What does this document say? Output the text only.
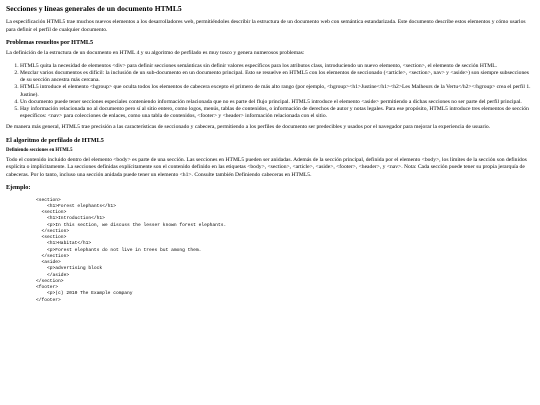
Secciones y líneas generales de un documento HTML5

La especificación HTML5 trae muchos nuevos elementos a los desarrolladores web, permitiéndoles describir la estructura de un documento web con semántica estandarizada. Este documento describe estos elementos y cómo usarlos para definir el perfil de cualquier documento.

Problemas resueltos por HTML5

La definición de la estructura de un documento en HTML 4 y su algoritmo de perfilado es muy tosco y genera numerosos problemas:

1. HTML5 quita la necesidad de elementos <div> para definir secciones semánticas sin definir valores específicos para los atributos class, introduciendo un nuevo elemento, <section>, el elemento de sección HTML.
2. Mezclar varios documentos es difícil: la inclusión de un sub-documento en un documento principal. Esto se resuelve en HTML5 con los elementos de seccionado (<article>, <section>, nav> y <aside>) son siempre subsecciones de su sección ancestra más cercana.
3. HTML5 introduce el elemento <hgroup> que oculta todos los elementos de cabecera excepto el primero de más alto rango (por ejemplo, <hgroup><h1>Justine</h1><h2>Les Malheurs de la Vertu</h2></hgroup> crea el perfil 1. Justine).
4. Un documento puede tener secciones especiales conteniendo información relacionada que no es parte del flujo principal. HTML5 introduce el elemento <aside> permitiendo a dichas secciones no ser parte del perfil principal.
5. Hay información relacionada no al documento pero sí al sitio entero, como logos, menús, tablas de contenidos, o información de derechos de autor y notas legales. Para ese propósito, HTML5 introduce tres elementos de sección específicos: <nav> para colecciones de enlaces, como una tabla de contenidos, <footer> y <header> información relacionada con el sitio.

De manera más general, HTML5 trae precisión a las características de seccionado y cabecera, permitiendo a los perfiles de documento ser predecibles y usados por el navegador para mejorar la experiencia de usuario.

El algoritmo de perfilado de HTML5
Definiendo secciones en HTML5

Todo el contenido incluido dentro del elemento <body> es parte de una sección. Las secciones en HTML5 pueden ser anidadas. Además de la sección principal, definida por el elemento <body>, los límites de la sección son definidos explícita o implícitamente. La secciones definidas explícitamente son el contenido definido en las etiquetas <body>, <section>, <article>, <aside>, <footer>, <header>, y <nav>. Nota: Cada sección puede tener su propia jerarquía de cabeceras. Por lo tanto, incluso una sección anidada puede tener un elemento <h1>. Consulte también Definiendo cabeceras en HTML5.

Ejemplo:
<section>
<h1>Forest elephants</h1>
<section>
<h1>Introduction</h1>
<p>In this section, we discuss the lesser known forest elephants.
</section>
<section>
<h1>Habitat</h1>
<p>Forest elephants do not live in trees but among them.
</section>
<aside>
<p>advertising block
</aside>
</section>
<footer>
<p>(c) 2010 The Example company
</footer>
